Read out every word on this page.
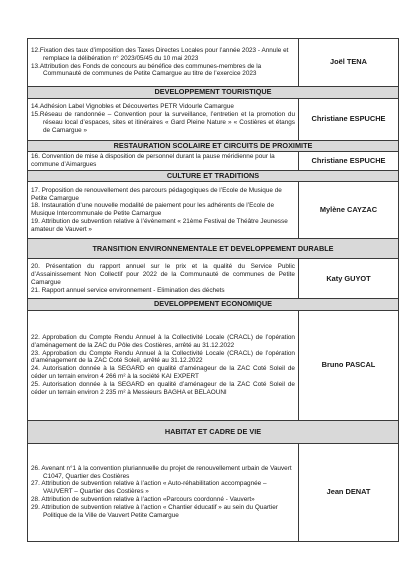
12.Fixation des taux d’imposition des Taxes Directes Locales pour l’année 2023 - Annule et remplace la délibération n° 2023/05/45 du 10 mai 2023
13.Attribution des Fonds de concours au bénéfice des communes-membres de la Communauté de communes de Petite Camargue au titre de l’exercice 2023	Joël TENA
DEVELOPPEMENT TOURISTIQUE	

14.Adhésion Label Vignobles et Découvertes PETR Vidourle Camargue
15.Réseau de randonnée – Convention pour la surveillance, l’entretien et la promotion du réseau local d’espaces, sites et itinéraires « Gard Pleine Nature » « Costières et étangs de Camargue »	Christiane ESPUCHE
RESTAURATION SCOLAIRE ET CIRCUITS DE PROXIMITE	

16. Convention de mise à disposition de personnel durant la pause méridienne pour la commune d’Aimargues	Christiane ESPUCHE
CULTURE ET TRADITIONS	

17. Proposition de renouvellement des parcours pédagogiques de l’Ecole de Musique de Petite Camargue
18. Instauration d’une nouvelle modalité de paiement pour les adhérents de l’Ecole de Musique Intercommunale de Petite Camargue
19. Attribution de subvention relative à l’évènement « 21ème Festival de Théâtre Jeunesse amateur de Vauvert »	Mylène CAYZAC
TRANSITION ENVIRONNEMENTALE ET DEVELOPPEMENT DURABLE	

20. Présentation du rapport annuel sur le prix et la qualité du Service Public d’Assainissement Non Collectif pour 2022 de la Communauté de communes de Petite Camargue
21. Rapport annuel service environnement - Elimination des déchets	Katy GUYOT
DEVELOPPEMENT ECONOMIQUE	

22. Approbation du Compte Rendu Annuel à la Collectivité Locale (CRACL) de l’opération d’aménagement de la ZAC du Pôle des Costières, arrêté au 31.12.2022
23. Approbation du Compte Rendu Annuel à la Collectivité Locale (CRACL) de l’opération d’aménagement de la ZAC Coté Soleil, arrêté au 31.12.2022
24. Autorisation donnée à la SEGARD en qualité d’aménageur de la ZAC Coté Soleil de céder un terrain environ 4 266 m² à la société KAI EXPERT
25. Autorisation donnée à la SEGARD en qualité d’aménageur de la ZAC Coté Soleil de céder un terrain environ 2 235 m² à Messieurs BAGHA et BELAOUNI	Bruno PASCAL
HABITAT ET CADRE DE VIE	

26. Avenant n°1 à la convention pluriannuelle du projet de renouvellement urbain de Vauvert C1047, Quartier des Costières
27. Attribution de subvention relative à l’action « Auto-réhabilitation accompagnée – VAUVERT – Quartier des Costières »
28. Attribution de subvention relative à l’action «Parcours coordonné - Vauvert»
29. Attribution de subvention relative à l’action « Chantier éducatif » au sein du Quartier Politique de la Ville de Vauvert Petite Camargue	Jean DENAT
